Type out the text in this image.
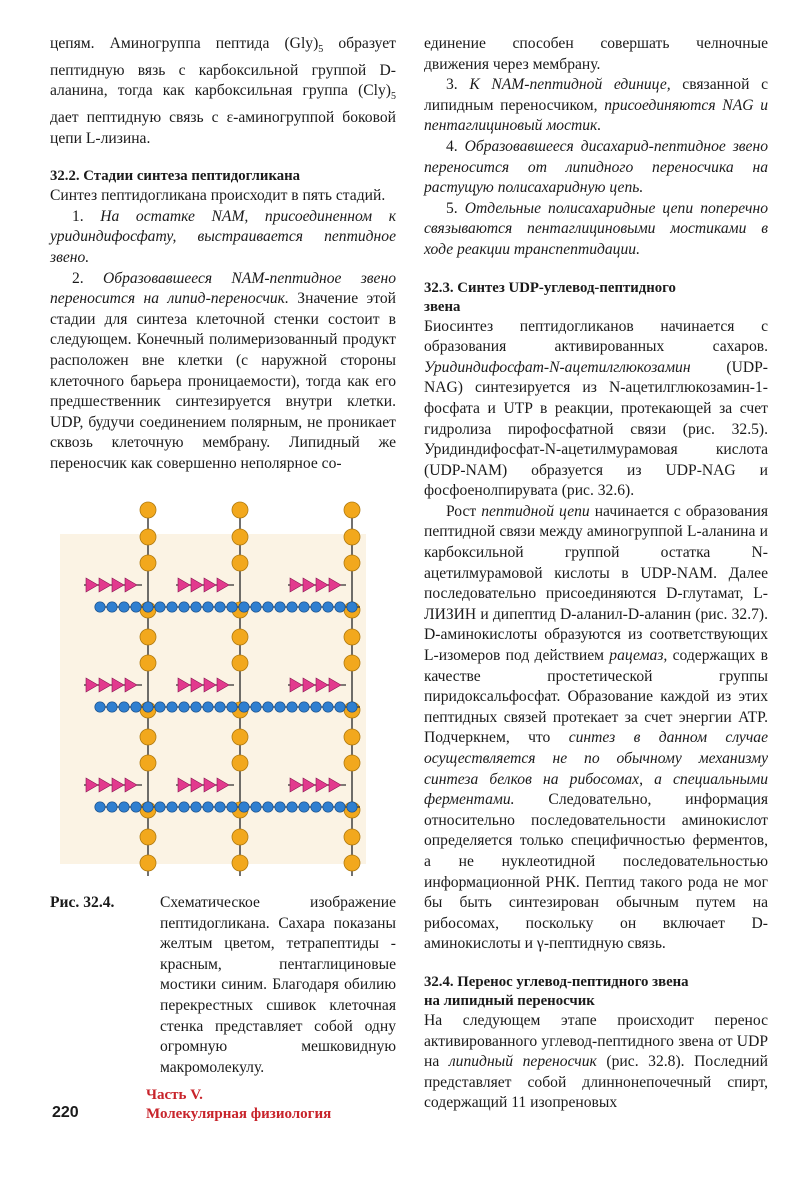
цепям. Аминогруппа пептида $(Gly)_5$ образует пептидную вязь с карбоксильной группой D-аланина, тогда как карбоксильная группа $(Cly)_5$ дает пептидную связь с ε-аминогруппой боковой цепи L-лизина.

32.2. Стадии синтеза пептидогликана

Синтез пептидогликана происходит в пять стадий.

1. На остатке NAM, присоединенном к уридиндифосфату, выстраивается пептидное звено.

2. Образовавшееся NAM-пептидное звено переносится на липид-переносчик. Значение этой стадии для синтеза клеточной стенки состоит в следующем. Конечный полимеризованный продукт расположен вне клетки (с наружной стороны клеточного барьера проницаемости), тогда как его предшественник синтезируется внутри клетки. UDP, будучи соединением полярным, не проникает сквозь клеточную мембрану. Липидный же переносчик как совершенно неполярное со-

Рис. 32.4.	Схематическое изображение пептидогликана. Сахара показаны желтым цветом, тетрапептиды - красным, пентаглициновые мостики синим. Благодаря обилию перекрестных сшивок клеточная стенка представляет собой одну огромную мешковидную макромолекулу.

единение способен совершать челночные движения через мембрану.

3. К NAM-пептидной единице, связанной с липидным переносчиком, присоединяются NAG и пентаглициновый мостик.

4. Образовавшееся дисахарид-пептидное звено переносится от липидного переносчика на растущую полисахаридную цепь.

5. Отдельные полисахаридные цепи поперечно связываются пентаглициновыми мостиками в ходе реакции транспептидации.

32.3. Синтез UDP-углевод-пептидного
звена

Биосинтез пептидогликанов начинается с образования активированных сахаров. Уридиндифосфат-N-ацетилглюкозамин (UDP-NAG) синтезируется из N-ацетилглюкозамин-1-фосфата и UTP в реакции, протекающей за счет гидролиза пирофосфатной связи (рис. 32.5). Уридиндифосфат-N-ацетилмурамовая кислота (UDP-NAM) образуется из UDP-NAG и фосфоенолпирувата (рис. 32.6).

Рост пептидной цепи начинается с образования пептидной связи между аминогруппой L-аланина и карбоксильной группой остатка N-ацетилмурамовой кислоты в UDP-NAM. Далее последовательно присоединяются D-глутамат, L-ЛИЗИН и дипептид D-аланил-D-аланин (рис. 32.7). D-аминокислоты образуются из соответствующих L-изомеров под действием рацемаз, содержащих в качестве простетической группы пиридоксальфосфат. Образование каждой из этих пептидных связей протекает за счет энергии ATP. Подчеркнем, что синтез в данном случае осуществляется не по обычному механизму синтеза белков на рибосомах, а специальными ферментами. Следовательно, информация относительно последовательности аминокислот определяется только специфичностью ферментов, а не нуклеотидной последовательностью информационной РНК. Пептид такого рода не мог бы быть синтезирован обычным путем на рибосомах, поскольку он включает D-аминокислоты и γ-пептидную связь.

32.4. Перенос углевод-пептидного звена
на липидный переносчик

На следующем этапе происходит перенос активированного углевод-пептидного звена от UDP на липидный переносчик (рис. 32.8). Последний представляет собой длиннонепочечный спирт, содержащий 11 изопреновых

Часть V.
Молекулярная физиология
220
